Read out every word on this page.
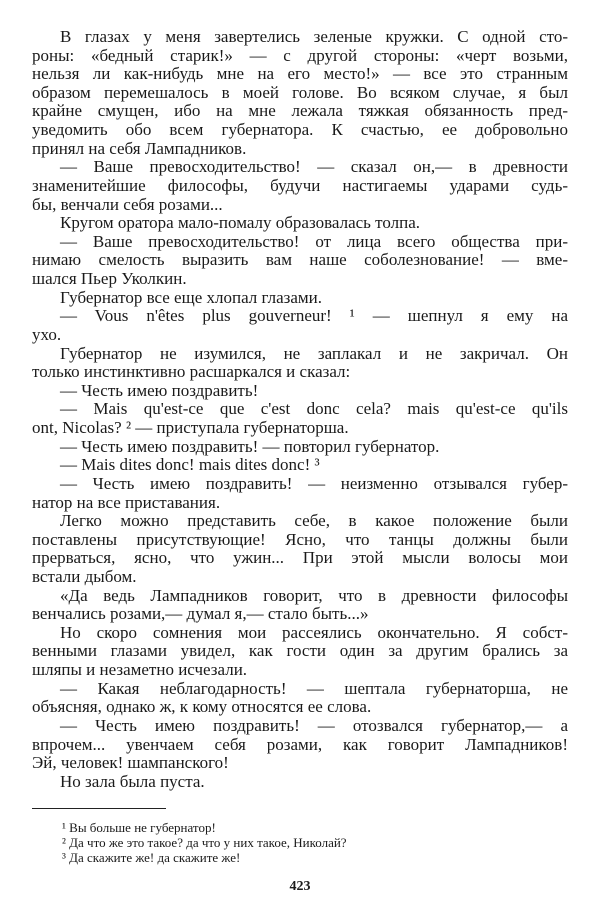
В глазах у меня завертелись зеленые кружки. С одной сто-
роны: «бедный старик!» — с другой стороны: «черт возьми,
нельзя ли как-нибудь мне на его место!» — все это странным
образом перемешалось в моей голове. Во всяком случае, я был
крайне смущен, ибо на мне лежала тяжкая обязанность пред-
уведомить обо всем губернатора. К счастью, ее добровольно
принял на себя Лампадников.
— Ваше превосходительство! — сказал он,— в древности
знаменитейшие философы, будучи настигаемы ударами судь-
бы, венчали себя розами...
Кругом оратора мало-помалу образовалась толпа.
— Ваше превосходительство! от лица всего общества при-
нимаю смелость выразить вам наше соболезнование! — вме-
шался Пьер Уколкин.
Губернатор все еще хлопал глазами.
— Vous n'êtes plus gouverneur! ¹ — шепнул я ему на
ухо.
Губернатор не изумился, не заплакал и не закричал. Он
только инстинктивно расшаркался и сказал:
— Честь имею поздравить!
— Mais qu'est-ce que c'est donc cela? mais qu'est-ce qu'ils
ont, Nicolas? ² — приступала губернаторша.
— Честь имею поздравить! — повторил губернатор.
— Mais dites donc! mais dites donc! ³
— Честь имею поздравить! — неизменно отзывался губер-
натор на все приставания.
Легко можно представить себе, в какое положение были
поставлены присутствующие! Ясно, что танцы должны были
прерваться, ясно, что ужин... При этой мысли волосы мои
встали дыбом.
«Да ведь Лампадников говорит, что в древности философы
венчались розами,— думал я,— стало быть...»
Но скоро сомнения мои рассеялись окончательно. Я собст-
венными глазами увидел, как гости один за другим брались за
шляпы и незаметно исчезали.
— Какая неблагодарность! — шептала губернаторша, не
объясняя, однако ж, к кому относятся ее слова.
— Честь имею поздравить! — отозвался губернатор,— а
впрочем... увенчаем себя розами, как говорит Лампадников!
Эй, человек! шампанского!
Но зала была пуста.
¹ Вы больше не губернатор!
² Да что же это такое? да что у них такое, Николай?
³ Да скажите же! да скажите же!
423
